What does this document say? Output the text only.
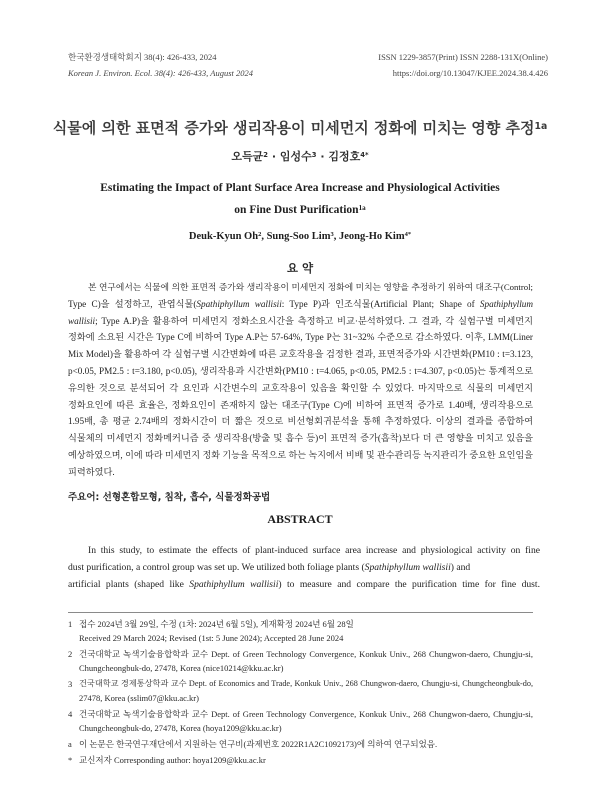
한국환경생태학회지 38(4): 426-433, 2024
Korean J. Environ. Ecol. 38(4): 426-433, August 2024
ISSN 1229-3857(Print) ISSN 2288-131X(Online)
https://doi.org/10.13047/KJEE.2024.38.4.426
식물에 의한 표면적 증가와 생리작용이 미세먼지 정화에 미치는 영향 추정$^{1a}$
오득균$^2$ · 임성수$^3$ · 김정호$^{4*}$
Estimating the Impact of Plant Surface Area Increase and Physiological Activities
on Fine Dust Purification$^{1a}$
Deuk-Kyun Oh$^2$, Sung-Soo Lim$^3$, Jeong-Ho Kim$^{4*}$
요 약
본 연구에서는 식물에 의한 표면적 증가와 생리작용이 미세먼지 정화에 미치는 영향을 추정하기 위하여 대조구(Control;
Type C)을 설정하고, 관엽식물(Spathiphyllum wallisii: Type P)과 인조식물(Artificial Plant; Shape of Spathiphyllum
wallisii; Type A.P)을 활용하여 미세먼지 정화소요시간을 측정하고 비교·분석하였다. 그 결과, 각 실험구별 미세먼지
정화에 소요된 시간은 Type C에 비하여 Type A.P는 57-64%, Type P는 31~32% 수준으로 감소하였다. 이후, LMM(Liner
Mix Model)을 활용하여 각 실험구별 시간변화에 따른 교호작용을 검정한 결과, 표면적증가와 시간변화(PM10 : t=3.123,
p<0.05, PM2.5 : t=3.180, p<0.05), 생리작용과 시간변화(PM10 : t=4.065, p<0.05, PM2.5 : t=4.307, p<0.05)는 통계적으로
유의한 것으로 분석되어 각 요인과 시간변수의 교호작용이 있음을 확인할 수 있었다. 마지막으로 식물의 미세먼지
정화요인에 따른 효율은, 정화요인이 존재하지 않는 대조구(Type C)에 비하여 표면적 증가로 1.40배, 생리작용으로
1.95배, 총 평균 2.74배의 정화시간이 더 짧은 것으로 비선형회귀분석을 통해 추정하였다. 이상의 결과를 종합하여
식물체의 미세먼지 정화메커니즘 중 생리작용(방출 및 흡수 등)이 표면적 증가(흡착)보다 더 큰 영향을 미치고 있음을
예상하였으며, 이에 따라 미세먼지 정화 기능을 목적으로 하는 녹지에서 비배 및 관수관리등 녹지관리가 중요한 요인임을
피력하였다.
주요어: 선형혼합모형, 침착, 흡수, 식물정화공법
ABSTRACT
In this study, to estimate the effects of plant-induced surface area increase and physiological activity on fine
dust purification, a control group was set up. We utilized both foliage plants (Spathiphyllum wallisii) and
artificial plants (shaped like Spathiphyllum wallisii) to measure and compare the purification time for fine dust.
1 접수 2024년 3월 29일, 수정 (1차: 2024년 6월 5일), 게재확정 2024년 6월 28일
Received 29 March 2024; Revised (1st: 5 June 2024); Accepted 28 June 2024
2 건국대학교 녹색기술융합학과 교수 Dept. of Green Technology Convergence, Konkuk Univ., 268 Chungwon-daero, Chungju-si,
Chungcheongbuk-do, 27478, Korea (nice10214@kku.ac.kr)
3 건국대학교 경제통상학과 교수 Dept. of Economics and Trade, Konkuk Univ., 268 Chungwon-daero, Chungju-si, Chungcheongbuk-do,
27478, Korea (sslim07@kku.ac.kr)
4 건국대학교 녹색기술융합학과 교수 Dept. of Green Technology Convergence, Konkuk Univ., 268 Chungwon-daero, Chungju-si,
Chungcheongbuk-do, 27478, Korea (hoya1209@kku.ac.kr)
a 이 논문은 한국연구재단에서 지원하는 연구비(과제번호 2022R1A2C1092173)에 의하여 연구되었음.
* 교신저자 Corresponding author: hoya1209@kku.ac.kr
